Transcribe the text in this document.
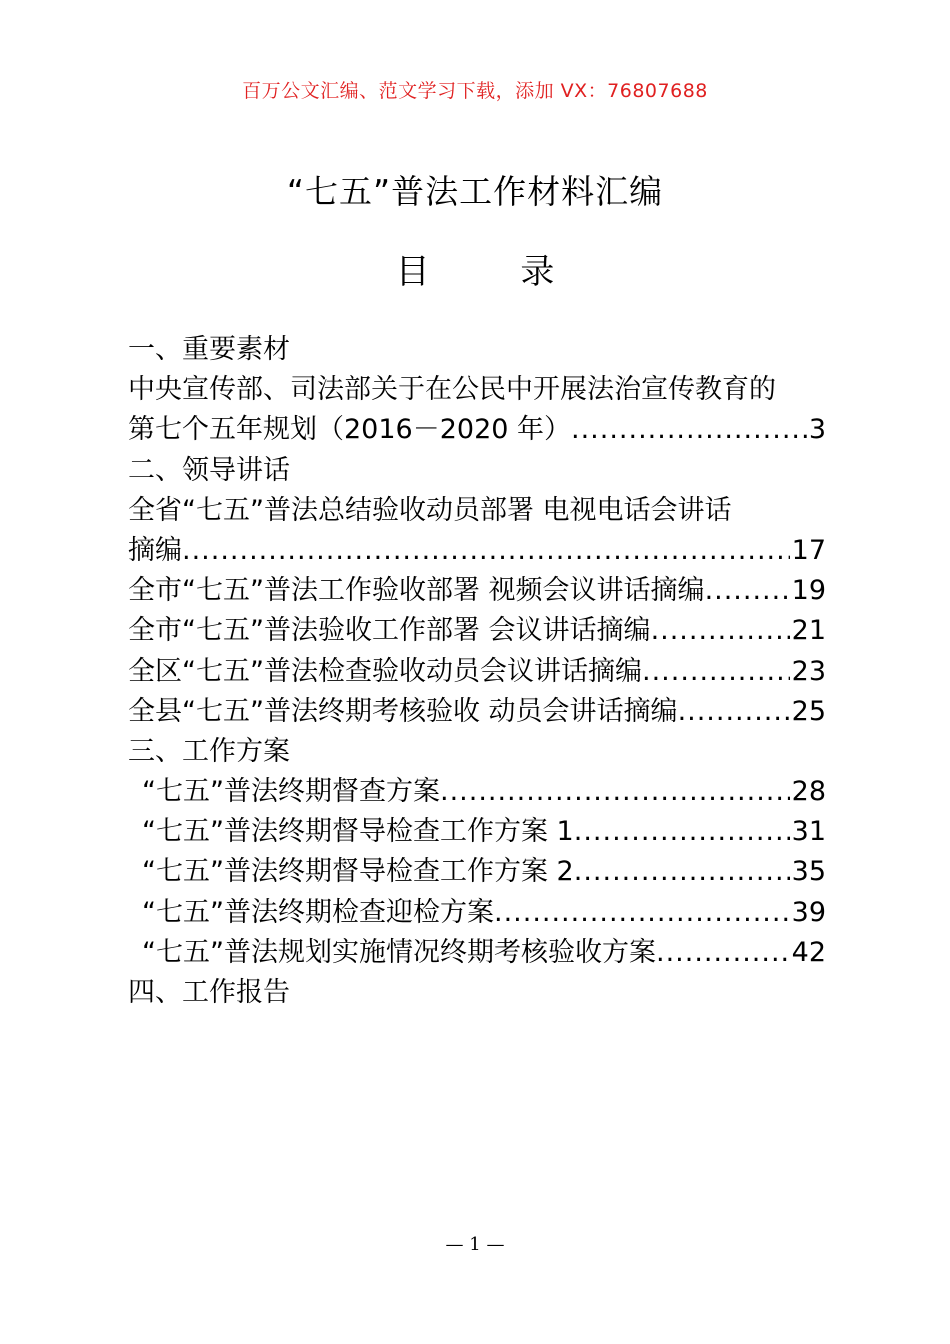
百万公文汇编、范文学习下载，添加 VX：76807688
“七五”普法工作材料汇编
目 录
一、重要素材
中央宣传部、司法部关于在公民中开展法治宣传教育的
第七个五年规划（2016－2020 年） .....	3
二、领导讲话
全省“七五”普法总结验收动员部署 电视电话会讲话
摘编 .....	17
全市“七五”普法工作验收部署 视频会议讲话摘编 .....	19
全市“七五”普法验收工作部署 会议讲话摘编 .....	21
全区“七五”普法检查验收动员会议讲话摘编 .....	23
全县“七五”普法终期考核验收 动员会讲话摘编 .....	25
三、工作方案
“七五”普法终期督查方案 .....	28
“七五”普法终期督导检查工作方案 1 .....	31
“七五”普法终期督导检查工作方案 2 .....	35
“七五”普法终期检查迎检方案 .....	39
“七五”普法规划实施情况终期考核验收方案 .....	42
四、工作报告
— 1 —
